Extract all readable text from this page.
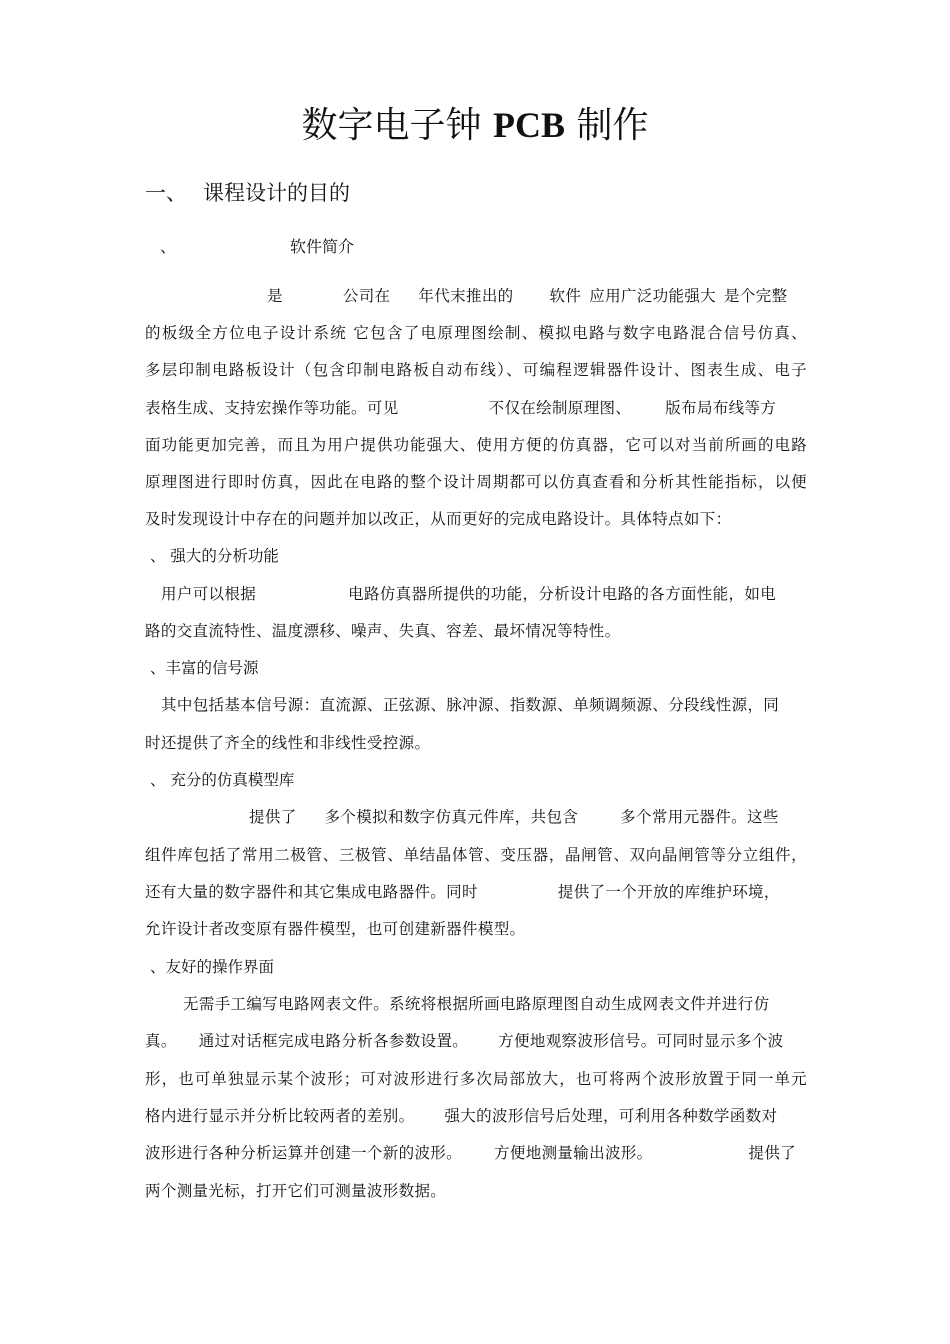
数字电子钟 PCB 制作
一、 课程设计的目的
、	软件简介
是	公司在 年代末推出的 软件 应用广泛功能强大 是个完整
的板级全方位电子设计系统 它包含了电原理图绘制、模拟电路与数字电路混合信号仿真、
多层印制电路板设计（包含印制电路板自动布线）、可编程逻辑器件设计、图表生成、电子
表格生成、支持宏操作等功能。可见	不仅在绘制原理图、 版布局布线等方
面功能更加完善，而且为用户提供功能强大、使用方便的仿真器，它可以对当前所画的电路
原理图进行即时仿真，因此在电路的整个设计周期都可以仿真查看和分析其性能指标，以便
及时发现设计中存在的问题并加以改正，从而更好的完成电路设计。具体特点如下：
、 强大的分析功能
用户可以根据	电路仿真器所提供的功能，分析设计电路的各方面性能，如电
路的交直流特性、温度漂移、噪声、失真、容差、最坏情况等特性。
、丰富的信号源
其中包括基本信号源：直流源、正弦源、脉冲源、指数源、单频调频源、分段线性源，同
时还提供了齐全的线性和非线性受控源。
、 充分的仿真模型库
提供了 多个模拟和数字仿真元件库，共包含	多个常用元器件。这些
组件库包括了常用二极管、三极管、单结晶体管、变压器，晶闸管、双向晶闸管等分立组件，
还有大量的数字器件和其它集成电路器件。同时	提供了一个开放的库维护环境，
允许设计者改变原有器件模型，也可创建新器件模型。
、友好的操作界面
无需手工编写电路网表文件。系统将根据所画电路原理图自动生成网表文件并进行仿
真。 通过对话框完成电路分析各参数设置。 方便地观察波形信号。可同时显示多个波
形，也可单独显示某个波形；可对波形进行多次局部放大，也可将两个波形放置于同一单元
格内进行显示并分析比较两者的差别。 强大的波形信号后处理，可利用各种数学函数对
波形进行各种分析运算并创建一个新的波形。 方便地测量输出波形。	提供了
两个测量光标，打开它们可测量波形数据。
